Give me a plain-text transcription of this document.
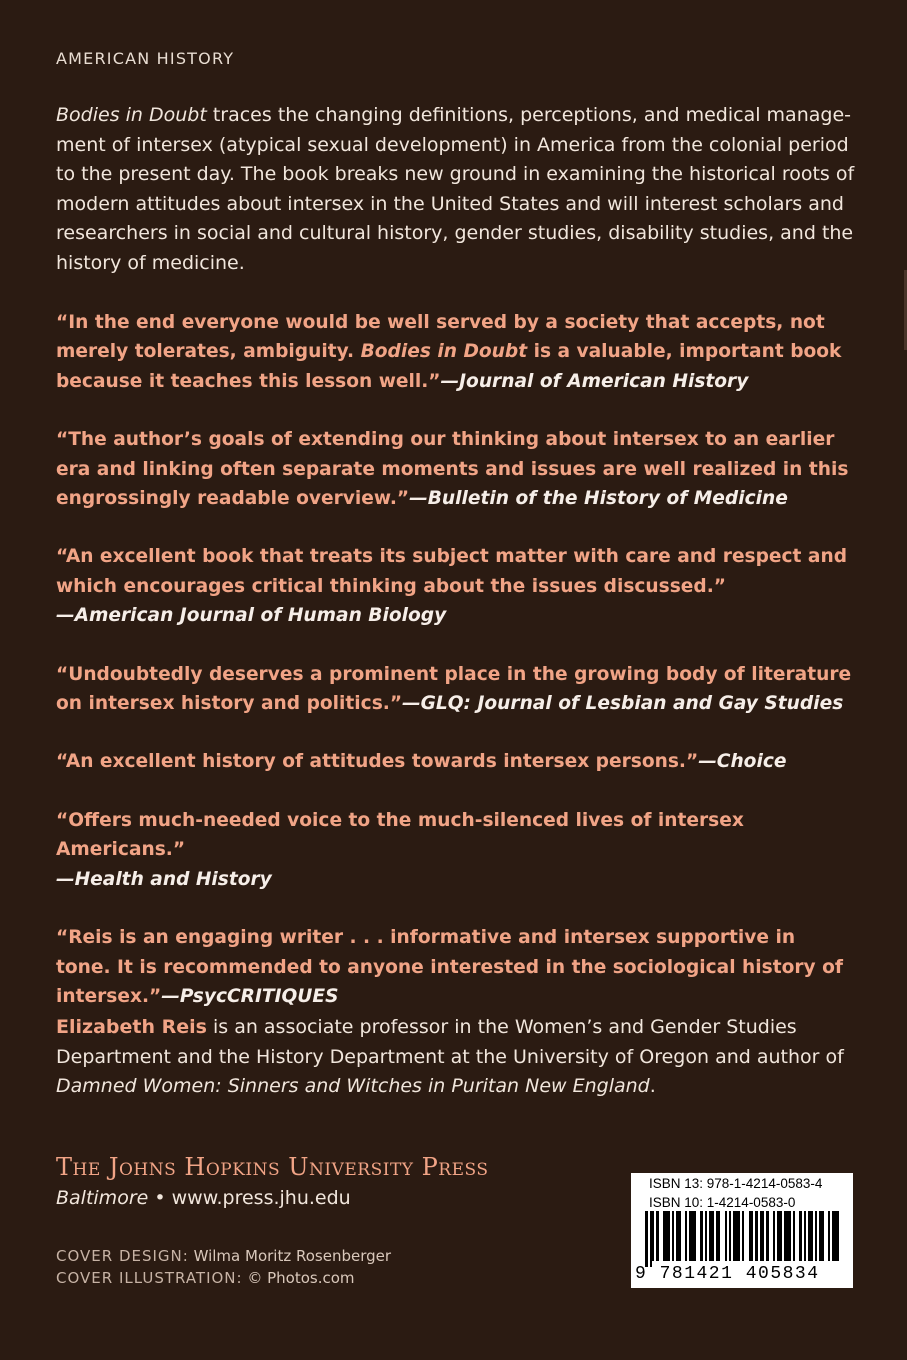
AMERICAN HISTORY

Bodies in Doubt traces the changing definitions, perceptions, and medical manage-ment of intersex (atypical sexual development) in America from the colonial period to the present day. The book breaks new ground in examining the historical roots of modern attitudes about intersex in the United States and will interest scholars and researchers in social and cultural history, gender studies, disability studies, and the history of medicine.

“In the end everyone would be well served by a society that accepts, not merely tolerates, ambiguity. Bodies in Doubt is a valuable, important book because it teaches this lesson well.”—Journal of American History

“The author’s goals of extending our thinking about intersex to an earlier era and linking often separate moments and issues are well realized in this engrossingly readable overview.”—Bulletin of the History of Medicine

“An excellent book that treats its subject matter with care and respect and which encourages critical thinking about the issues discussed.”
—American Journal of Human Biology

“Undoubtedly deserves a prominent place in the growing body of literature on intersex history and politics.”—GLQ: Journal of Lesbian and Gay Studies

“An excellent history of attitudes towards intersex persons.”—Choice

“Offers much-needed voice to the much-silenced lives of intersex Americans.”
—Health and History

“Reis is an engaging writer . . . informative and intersex supportive in tone. It is recommended to anyone interested in the sociological history of intersex.”—PsycCRITIQUES

Elizabeth Reis is an associate professor in the Women’s and Gender Studies Department and the History Department at the University of Oregon and author of Damned Women: Sinners and Witches in Puritan New England.

The Johns Hopkins University Press
Baltimore • www.press.jhu.edu
COVER DESIGN: Wilma Moritz Rosenberger
COVER ILLUSTRATION: © Photos.com

ISBN 13: 978-1-4214-0583-4

ISBN 10: 1-4214-0583-0

9 781421 405834
